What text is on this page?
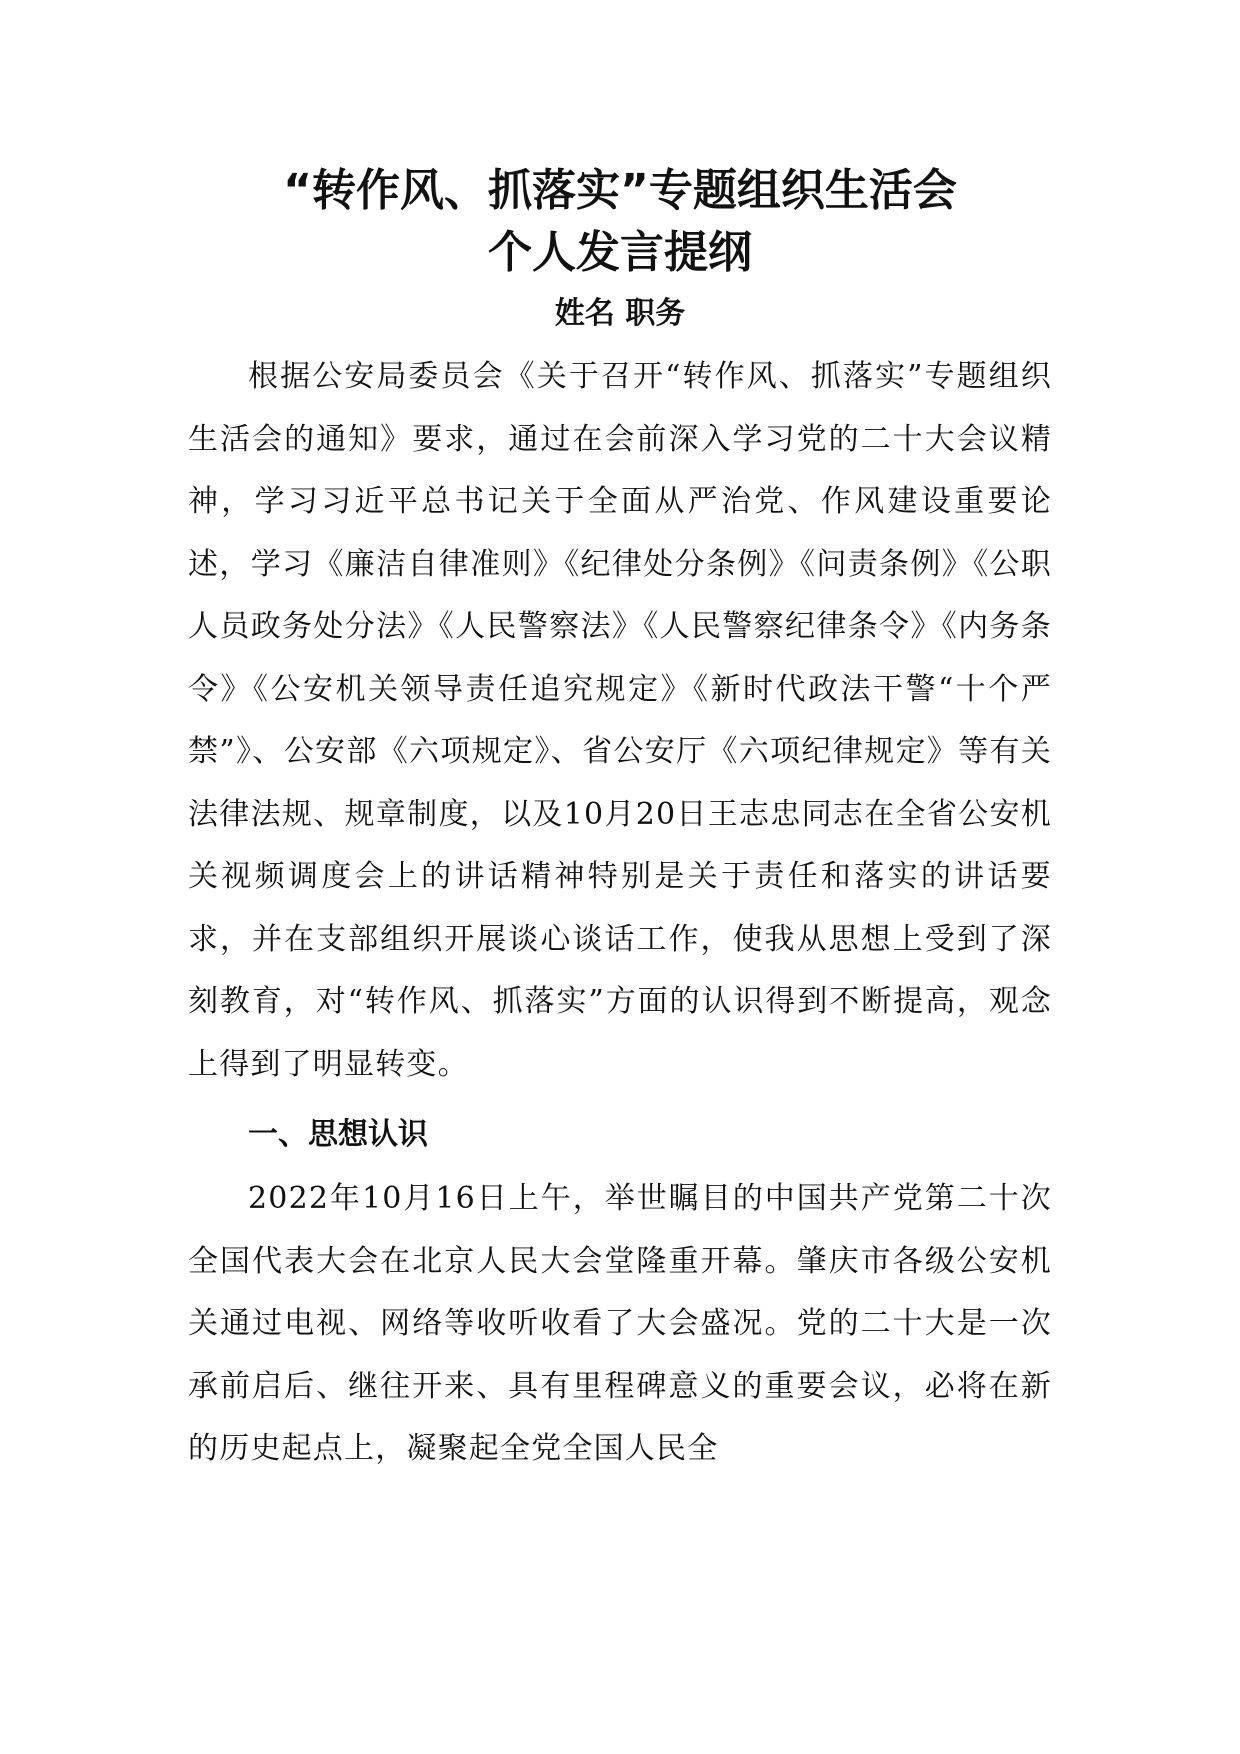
“转作风、抓落实”专题组织生活会
个人发言提纲
姓名 职务

根据公安局委员会《关于召开“转作风、抓落实”专题组织生活会的通知》要求，通过在会前深入学习党的二十大会议精神，学习习近平总书记关于全面从严治党、作风建设重要论述，学习《廉洁自律准则》《纪律处分条例》《问责条例》《公职人员政务处分法》《人民警察法》《人民警察纪律条令》《内务条令》《公安机关领导责任追究规定》《新时代政法干警“十个严禁”》、公安部《六项规定》、省公安厅《六项纪律规定》等有关法律法规、规章制度，以及10月20日王志忠同志在全省公安机关视频调度会上的讲话精神特别是关于责任和落实的讲话要求，并在支部组织开展谈心谈话工作，使我从思想上受到了深刻教育，对“转作风、抓落实”方面的认识得到不断提高，观念上得到了明显转变。

一、思想认识

2022年10月16日上午，举世瞩目的中国共产党第二十次全国代表大会在北京人民大会堂隆重开幕。肇庆市各级公安机关通过电视、网络等收听收看了大会盛况。党的二十大是一次承前启后、继往开来、具有里程碑意义的重要会议，必将在新的历史起点上，凝聚起全党全国人民全
